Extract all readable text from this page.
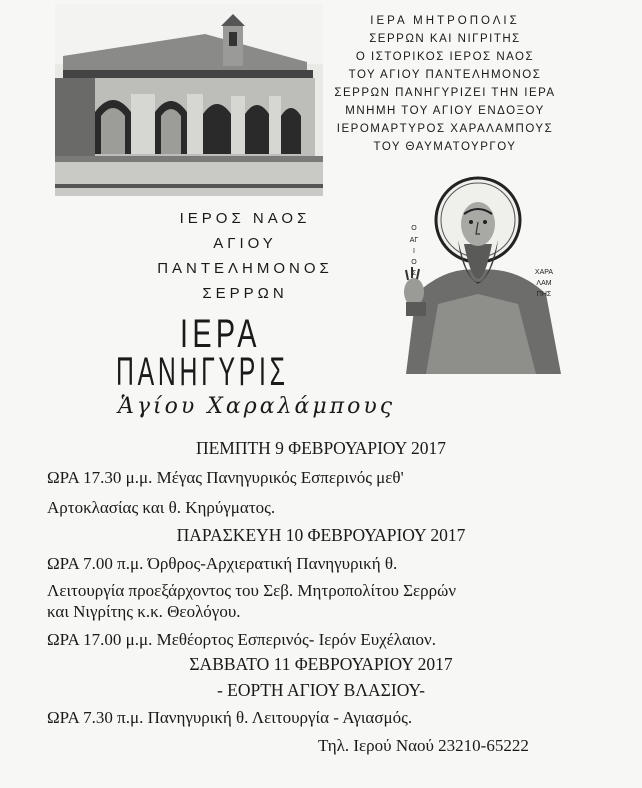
ΙΕΡΑ ΜΗΤΡΟΠΟΛΙΣ
ΣΕΡΡΩΝ ΚΑΙ ΝΙΓΡΙΤΗΣ
Ο ΙΣΤΟΡΙΚΟΣ ΙΕΡΟΣ ΝΑΟΣ
ΤΟΥ ΑΓΙΟΥ ΠΑΝΤΕΛΗΜΟΝΟΣ
ΣΕΡΡΩΝ ΠΑΝΗΓΥΡΙΖΕΙ ΤΗΝ ΙΕΡΑ
ΜΝΗΜΗ ΤΟΥ ΑΓΙΟΥ ΕΝΔΟΞΟΥ
ΙΕΡΟΜΑΡΤΥΡΟΣ ΧΑΡΑΛΑΜΠΟΥΣ
ΤΟΥ ΘΑΥΜΑΤΟΥΡΓΟΥ
ΙΕΡΟΣ ΝΑΟΣ
ΑΓΙΟΥ
ΠΑΝΤΕΛΗΜΟΝΟΣ
ΣΕΡΡΩΝ
Ο
ΑΓ
Ι
Ο
Σ	ΧΑΡΑ
ΛΑΜ
ΠΗΣ
ΙΕΡΑ
ΠΑΝΗΓΥΡΙΣ
Ἁγίου Χαραλάμπους
ΠΕΜΠΤΗ 9 ΦΕΒΡΟΥΑΡΙΟΥ 2017
ΩΡΑ 17.30 μ.μ. Μέγας Πανηγυρικός Εσπερινός μεθ'
Αρτοκλασίας και θ. Κηρύγματος.
ΠΑΡΑΣΚΕΥΗ 10 ΦΕΒΡΟΥΑΡΙΟΥ 2017
ΩΡΑ 7.00 π.μ. Όρθρος-Αρχιερατική Πανηγυρική θ.
Λειτουργία προεξάρχοντος του Σεβ. Μητροπολίτου Σερρών
και Νιγρίτης κ.κ. Θεολόγου.
ΩΡΑ 17.00 μ.μ. Μεθέορτος Εσπερινός- Ιερόν Ευχέλαιον.
ΣΑΒΒΑΤΟ 11 ΦΕΒΡΟΥΑΡΙΟΥ 2017
- ΕΟΡΤΗ ΑΓΙΟΥ ΒΛΑΣΙΟΥ-
ΩΡΑ 7.30 π.μ. Πανηγυρική θ. Λειτουργία - Αγιασμός.
Τηλ. Ιερού Ναού 23210-65222
